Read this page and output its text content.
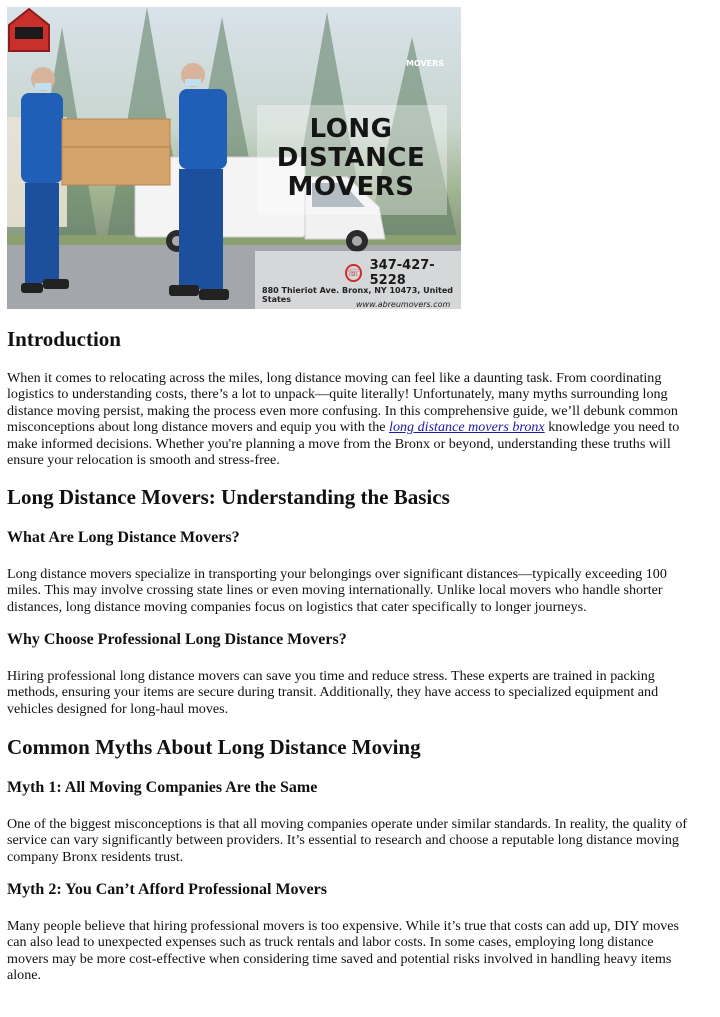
MOVERS
LONG
DISTANCE
MOVERS
☏ 347-427-5228
880 Thieriot Ave. Bronx, NY 10473, United States
www.abreumovers.com
Introduction

When it comes to relocating across the miles, long distance moving can feel like a daunting task. From coordinating

logistics to understanding costs, there’s a lot to unpack—quite literally! Unfortunately, many myths surrounding long

distance moving persist, making the process even more confusing. In this comprehensive guide, we’ll debunk common

misconceptions about long distance movers and equip you with the long distance movers bronx knowledge you need to

make informed decisions. Whether you're planning a move from the Bronx or beyond, understanding these truths will

ensure your relocation is smooth and stress-free.

Long Distance Movers: Understanding the Basics
What Are Long Distance Movers?

Long distance movers specialize in transporting your belongings over significant distances—typically exceeding 100

miles. This may involve crossing state lines or even moving internationally. Unlike local movers who handle shorter

distances, long distance moving companies focus on logistics that cater specifically to longer journeys.

Why Choose Professional Long Distance Movers?

Hiring professional long distance movers can save you time and reduce stress. These experts are trained in packing

methods, ensuring your items are secure during transit. Additionally, they have access to specialized equipment and

vehicles designed for long-haul moves.

Common Myths About Long Distance Moving
Myth 1: All Moving Companies Are the Same

One of the biggest misconceptions is that all moving companies operate under similar standards. In reality, the quality of

service can vary significantly between providers. It’s essential to research and choose a reputable long distance moving

company Bronx residents trust.

Myth 2: You Can’t Afford Professional Movers

Many people believe that hiring professional movers is too expensive. While it’s true that costs can add up, DIY moves

can also lead to unexpected expenses such as truck rentals and labor costs. In some cases, employing long distance

movers may be more cost-effective when considering time saved and potential risks involved in handling heavy items

alone.
